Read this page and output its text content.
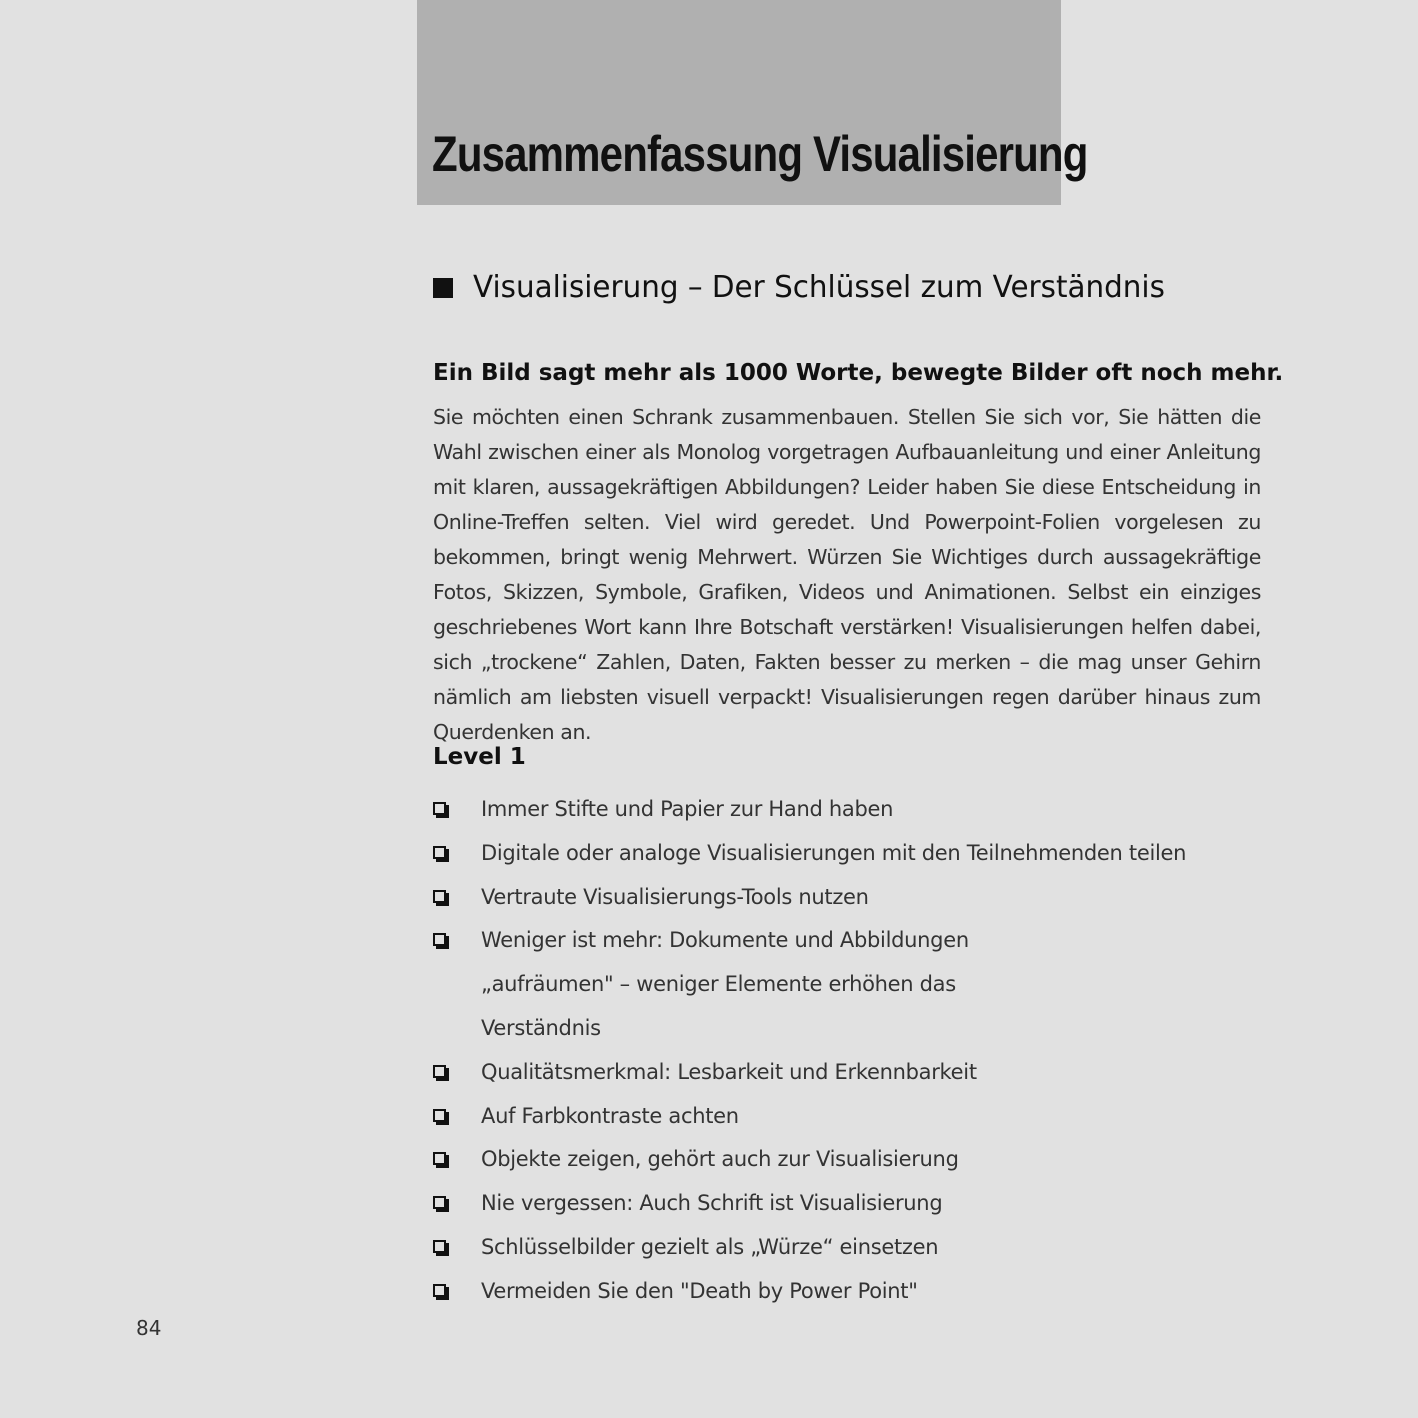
Zusammenfassung Visualisierung
Visualisierung – Der Schlüssel zum Verständnis

Ein Bild sagt mehr als 1000 Worte, bewegte Bilder oft noch mehr.

Sie möchten einen Schrank zusammenbauen. Stellen Sie sich vor, Sie hätten die Wahl zwischen einer als Monolog vorgetragen Aufbauanleitung und einer Anleitung mit klaren, aussagekräftigen Abbildungen? Leider haben Sie diese Entscheidung in Online-Treffen selten. Viel wird geredet. Und Powerpoint-Folien vorgelesen zu bekommen, bringt wenig Mehrwert. Würzen Sie Wichtiges durch aussagekräftige Fotos, Skizzen, Symbole, Grafiken, Videos und Animationen. Selbst ein einziges geschriebenes Wort kann Ihre Botschaft verstärken! Visualisierungen helfen dabei, sich „trockene“ Zahlen, Daten, Fakten besser zu merken – die mag unser Gehirn nämlich am liebsten visuell verpackt! Visualisierungen regen darüber hinaus zum Querdenken an.

Level 1
Immer Stifte und Papier zur Hand haben
Digitale oder analoge Visualisierungen mit den Teilnehmenden teilen
Vertraute Visualisierungs-Tools nutzen
Weniger ist mehr: Dokumente und Abbildungen „aufräumen" – weniger Elemente erhöhen das Verständnis
Qualitätsmerkmal: Lesbarkeit und Erkennbarkeit
Auf Farbkontraste achten
Objekte zeigen, gehört auch zur Visualisierung
Nie vergessen: Auch Schrift ist Visualisierung
Schlüsselbilder gezielt als „Würze“ einsetzen
Vermeiden Sie den "Death by Power Point"

84
